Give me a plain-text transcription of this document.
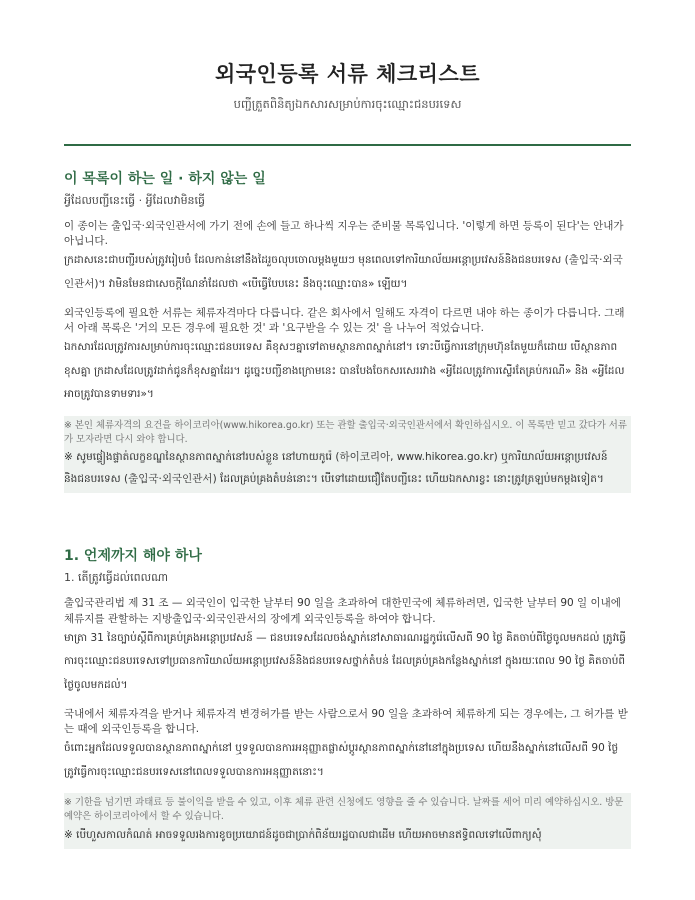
외국인등록 서류 체크리스트
បញ្ជីត្រួតពិនិត្យឯកសារសម្រាប់ការចុះឈ្មោះជនបរទេស
이 목록이 하는 일 · 하지 않는 일
អ្វីដែលបញ្ជីនេះធ្វើ · អ្វីដែលវាមិនធ្វើ

이 종이는 출입국·외국인관서에 가기 전에 손에 들고 하나씩 지우는 준비물 목록입니다. '이렇게 하면 등록이 된다'는 안내가 아닙니다.

ក្រដាសនេះជាបញ្ជីរបស់ត្រូវរៀបចំ ដែលកាន់នៅនឹងដៃរួចលុបចោលម្តងមួយៗ មុនពេលទៅការិយាល័យអន្តោប្រវេសន៍និងជនបរទេស (출입국·외국인관서)។ វាមិនមែនជាសេចក្តីណែនាំដែលថា «បើធ្វើបែបនេះ នឹងចុះឈ្មោះបាន» ឡើយ។

외국인등록에 필요한 서류는 체류자격마다 다릅니다. 같은 회사에서 일해도 자격이 다르면 내야 하는 종이가 다릅니다. 그래서 아래 목록은 '거의 모든 경우에 필요한 것' 과 '요구받을 수 있는 것' 을 나누어 적었습니다.

ឯកសារដែលត្រូវការសម្រាប់ការចុះឈ្មោះជនបរទេស គឺខុសៗគ្នាទៅតាមស្ថានភាពស្នាក់នៅ។ ទោះបីធ្វើការនៅក្រុមហ៊ុនតែមួយក៏ដោយ បើស្ថានភាពខុសគ្នា ក្រដាសដែលត្រូវដាក់ជូនក៏ខុសគ្នាដែរ។ ដូច្នេះបញ្ជីខាងក្រោមនេះ បានបែងចែកសរសេររវាង «អ្វីដែលត្រូវការស្ទើរតែគ្រប់ករណី» និង «អ្វីដែលអាចត្រូវបានទាមទារ»។

※ 본인 체류자격의 요건을 하이코리아(www.hikorea.go.kr) 또는 관할 출입국·외국인관서에서 확인하십시오. 이 목록만 믿고 갔다가 서류가 모자라면 다시 와야 합니다.

※ សូមផ្ទៀងផ្ទាត់លក្ខខណ្ឌនៃស្ថានភាពស្នាក់នៅរបស់ខ្លួន នៅហាយកូរ៉េ (하이코리아, www.hikorea.go.kr) ឬការិយាល័យអន្តោប្រវេសន៍និងជនបរទេស (출입국·외국인관서) ដែលគ្រប់គ្រងតំបន់នោះ។ បើទៅដោយជឿតែបញ្ជីនេះ ហើយឯកសារខ្វះ នោះត្រូវត្រឡប់មកម្តងទៀត។

1. 언제까지 해야 하나
1. តើត្រូវធ្វើដល់ពេលណា

출입국관리법 제 31 조 — 외국인이 입국한 날부터 90 일을 초과하여 대한민국에 체류하려면, 입국한 날부터 90 일 이내에 체류지를 관할하는 지방출입국·외국인관서의 장에게 외국인등록을 하여야 합니다.

មាត្រា 31 នៃច្បាប់ស្តីពីការគ្រប់គ្រងអន្តោប្រវេសន៍ — ជនបរទេសដែលចង់ស្នាក់នៅសាធារណរដ្ឋកូរ៉េលើសពី 90 ថ្ងៃ គិតចាប់ពីថ្ងៃចូលមកដល់ ត្រូវធ្វើការចុះឈ្មោះជនបរទេសទៅប្រធានការិយាល័យអន្តោប្រវេសន៍និងជនបរទេសថ្នាក់តំបន់ ដែលគ្រប់គ្រងកន្លែងស្នាក់នៅ ក្នុងរយៈពេល 90 ថ្ងៃ គិតចាប់ពីថ្ងៃចូលមកដល់។

국내에서 체류자격을 받거나 체류자격 변경허가를 받는 사람으로서 90 일을 초과하여 체류하게 되는 경우에는, 그 허가를 받는 때에 외국인등록을 합니다.

ចំពោះអ្នកដែលទទួលបានស្ថានភាពស្នាក់នៅ ឬទទួលបានការអនុញ្ញាតផ្លាស់ប្តូរស្ថានភាពស្នាក់នៅនៅក្នុងប្រទេស ហើយនឹងស្នាក់នៅលើសពី 90 ថ្ងៃ ត្រូវធ្វើការចុះឈ្មោះជនបរទេសនៅពេលទទួលបានការអនុញ្ញាតនោះ។

※ 기한을 넘기면 과태료 등 불이익을 받을 수 있고, 이후 체류 관련 신청에도 영향을 줄 수 있습니다. 날짜를 세어 미리 예약하십시오. 방문 예약은 하이코리아에서 할 수 있습니다.

※ បើហួសកាលកំណត់ អាចទទួលរងការខូចប្រយោជន៍ដូចជាប្រាក់ពិន័យរដ្ឋបាលជាដើម ហើយអាចមានឥទ្ធិពលទៅលើពាក្យសុំ
